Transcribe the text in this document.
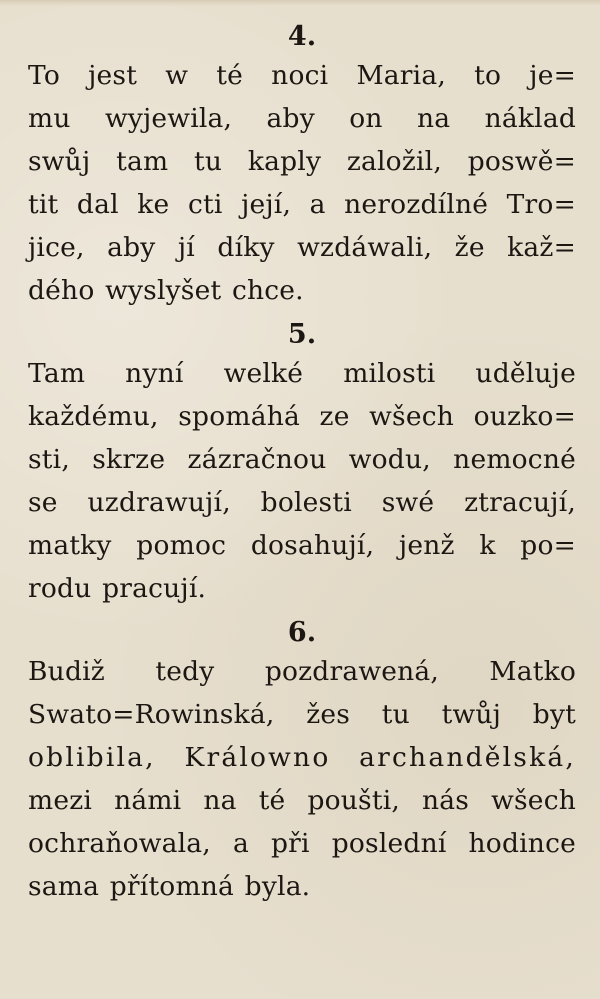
4.
To jest w té noci Maria, to je=
mu wyjewila, aby on na náklad
swůj tam tu kaply založil, poswě=
tit dal ke cti její, a nerozdílné Tro=
jice, aby jí díky wzdáwali, že kaž=
dého wyslyšet chce.
5.
Tam nyní welké milosti uděluje
každému, spomáhá ze wšech ouzko=
sti, skrze zázračnou wodu, nemocné
se uzdrawují, bolesti swé ztracují,
matky pomoc dosahují, jenž k po=
rodu pracují.
6.
Budiž tedy pozdrawená, Matko
Swato=Rowinská, žes tu twůj byt
oblibila, Králowno archandělská,
mezi námi na té poušti, nás wšech
ochraňowala, a při poslední hodince
sama přítomná byla.
